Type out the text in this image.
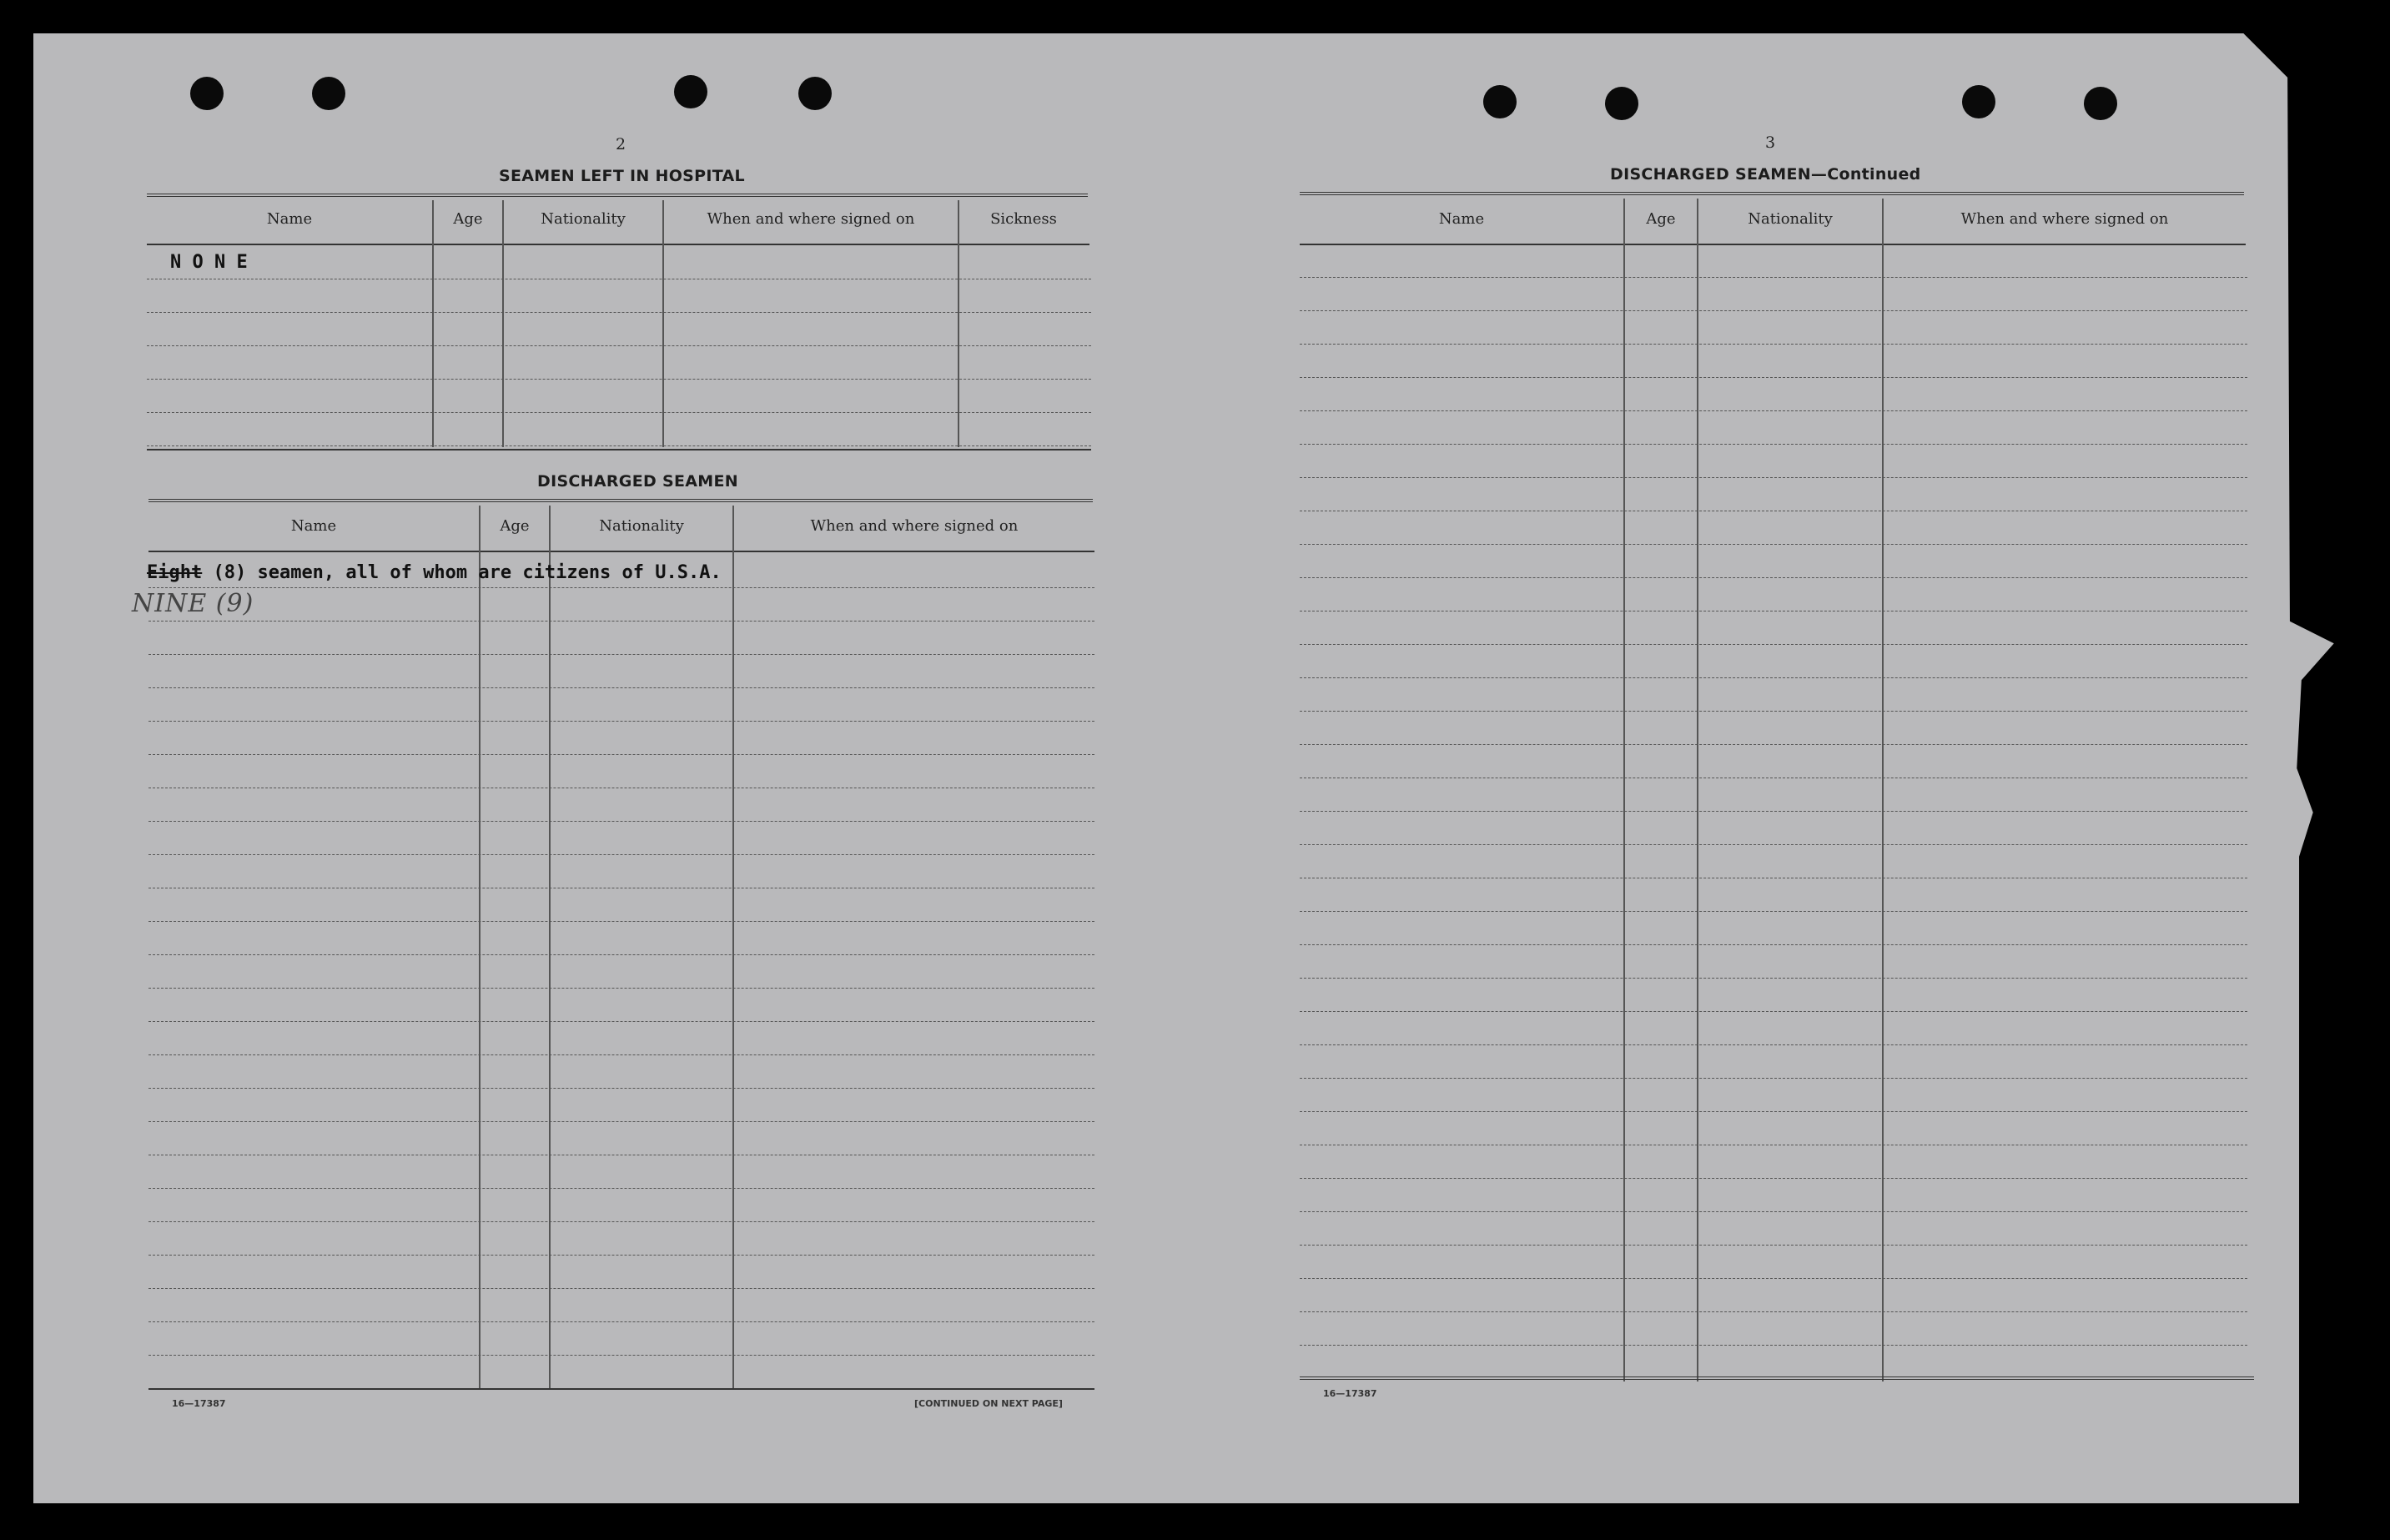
2
SEAMEN LEFT IN HOSPITAL
Name	Age	Nationality	When and where signed on	Sickness
N O N E
DISCHARGED SEAMEN
Name	Age	Nationality	When and where signed on
Eight (8) seamen, all of whom are citizens of U.S.A.
NINE (9)
16—17387	[CONTINUED ON NEXT PAGE]
3
DISCHARGED SEAMEN—Continued
Name	Age	Nationality	When and where signed on
16—17387
